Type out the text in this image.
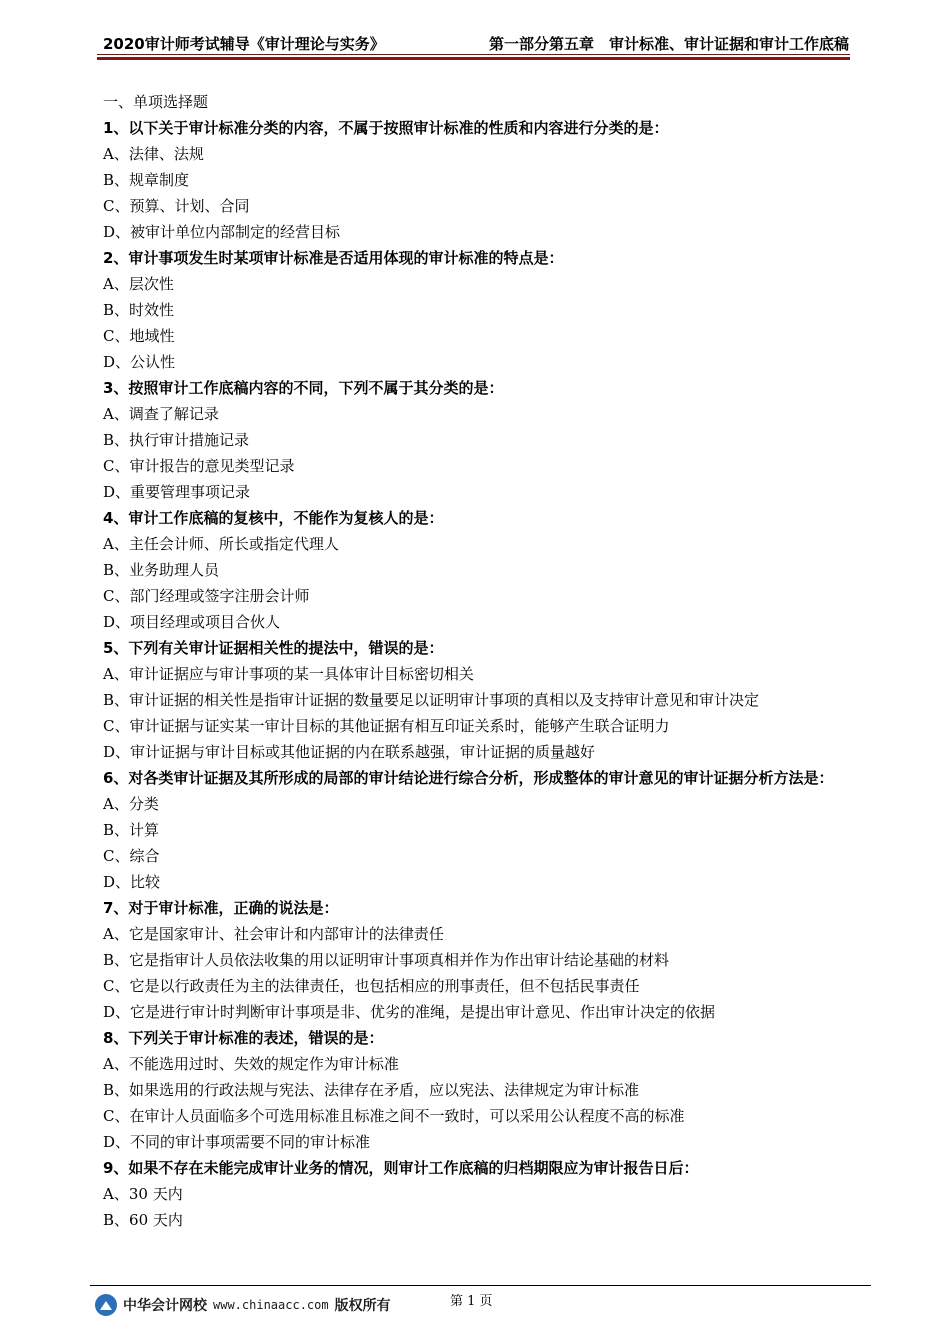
2020审计师考试辅导《审计理论与实务》	第一部分第五章　审计标准、审计证据和审计工作底稿
一、单项选择题
1、以下关于审计标准分类的内容，不属于按照审计标准的性质和内容进行分类的是：
A、法律、法规
B、规章制度
C、预算、计划、合同
D、被审计单位内部制定的经营目标
2、审计事项发生时某项审计标准是否适用体现的审计标准的特点是：
A、层次性
B、时效性
C、地域性
D、公认性
3、按照审计工作底稿内容的不同，下列不属于其分类的是：
A、调查了解记录
B、执行审计措施记录
C、审计报告的意见类型记录
D、重要管理事项记录
4、审计工作底稿的复核中，不能作为复核人的是：
A、主任会计师、所长或指定代理人
B、业务助理人员
C、部门经理或签字注册会计师
D、项目经理或项目合伙人
5、下列有关审计证据相关性的提法中，错误的是：
A、审计证据应与审计事项的某一具体审计目标密切相关
B、审计证据的相关性是指审计证据的数量要足以证明审计事项的真相以及支持审计意见和审计决定
C、审计证据与证实某一审计目标的其他证据有相互印证关系时，能够产生联合证明力
D、审计证据与审计目标或其他证据的内在联系越强，审计证据的质量越好
6、对各类审计证据及其所形成的局部的审计结论进行综合分析，形成整体的审计意见的审计证据分析方法是：
A、分类
B、计算
C、综合
D、比较
7、对于审计标准，正确的说法是：
A、它是国家审计、社会审计和内部审计的法律责任
B、它是指审计人员依法收集的用以证明审计事项真相并作为作出审计结论基础的材料
C、它是以行政责任为主的法律责任，也包括相应的刑事责任，但不包括民事责任
D、它是进行审计时判断审计事项是非、优劣的准绳，是提出审计意见、作出审计决定的依据
8、下列关于审计标准的表述，错误的是：
A、不能选用过时、失效的规定作为审计标准
B、如果选用的行政法规与宪法、法律存在矛盾，应以宪法、法律规定为审计标准
C、在审计人员面临多个可选用标准且标准之间不一致时，可以采用公认程度不高的标准
D、不同的审计事项需要不同的审计标准
9、如果不存在未能完成审计业务的情况，则审计工作底稿的归档期限应为审计报告日后：
A、30 天内
B、60 天内
中华会计网校 www.chinaacc.com 版权所有	第 1 页
